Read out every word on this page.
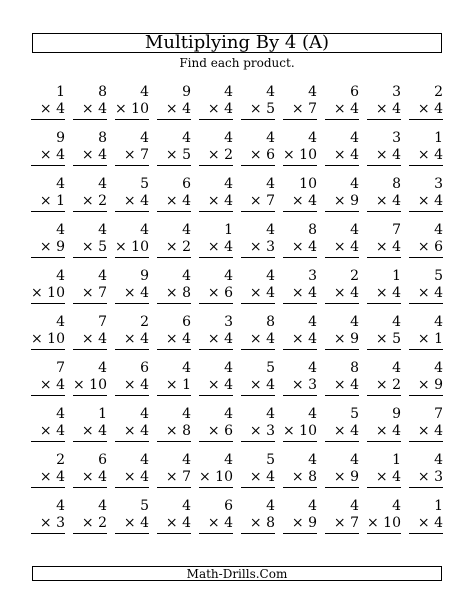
Multiplying By 4 (A)
Find each product.
1
× 4
8
× 4
4
× 10
9
× 4
4
× 4
4
× 5
4
× 7
6
× 4
3
× 4
2
× 4
9
× 4
8
× 4
4
× 7
4
× 5
4
× 2
4
× 6
4
× 10
4
× 4
3
× 4
1
× 4
4
× 1
4
× 2
5
× 4
6
× 4
4
× 4
4
× 7
10
× 4
4
× 9
8
× 4
3
× 4
4
× 9
4
× 5
4
× 10
4
× 2
1
× 4
4
× 3
8
× 4
4
× 4
7
× 4
4
× 6
4
× 10
4
× 7
9
× 4
4
× 8
4
× 6
4
× 4
3
× 4
2
× 4
1
× 4
5
× 4
4
× 10
7
× 4
2
× 4
6
× 4
3
× 4
8
× 4
4
× 4
4
× 9
4
× 5
4
× 1
7
× 4
4
× 10
6
× 4
4
× 1
4
× 4
5
× 4
4
× 3
8
× 4
4
× 2
4
× 9
4
× 4
1
× 4
4
× 4
4
× 8
4
× 6
4
× 3
4
× 10
5
× 4
9
× 4
7
× 4
2
× 4
6
× 4
4
× 4
4
× 7
4
× 10
5
× 4
4
× 8
4
× 9
1
× 4
4
× 3
4
× 3
4
× 2
5
× 4
4
× 4
6
× 4
4
× 8
4
× 9
4
× 7
4
× 10
1
× 4
Math-Drills.Com
